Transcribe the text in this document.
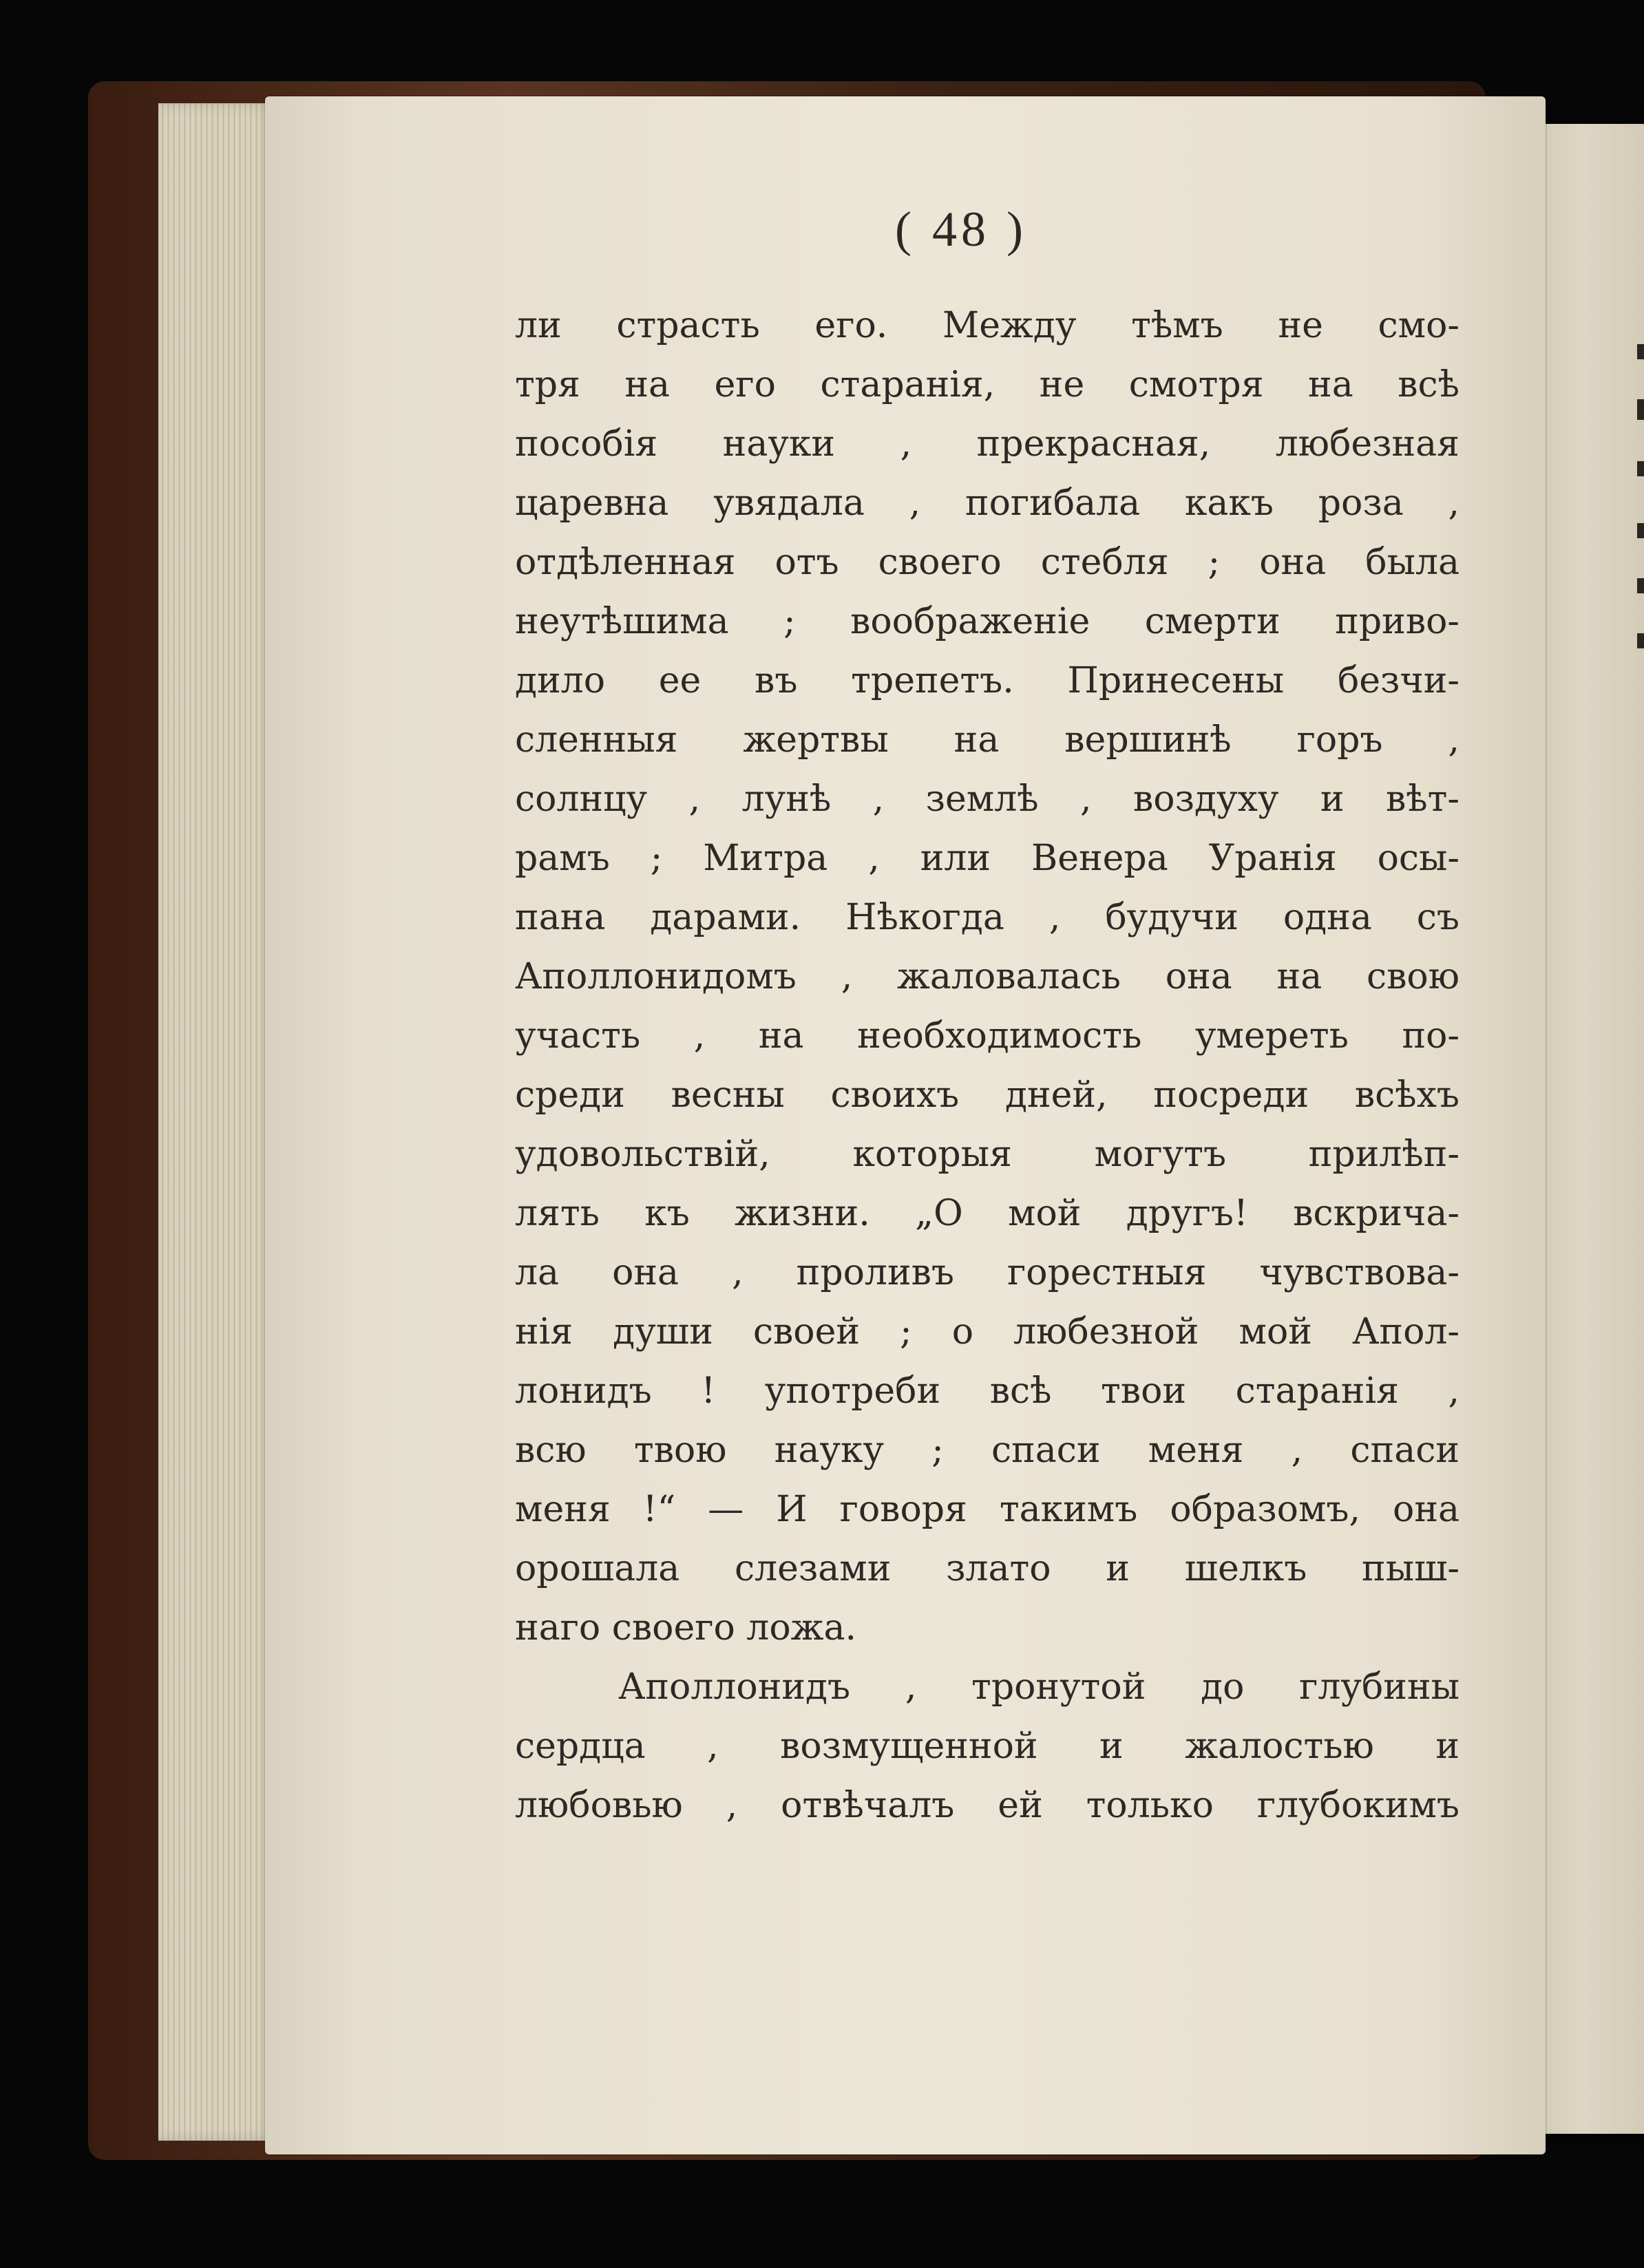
( 48 )
ли страсть его. Между тѣмъ не смо-
тря на его старанія, не смотря на всѣ
пособія науки , прекрасная, любезная
царевна увядала , погибала какъ роза ,
отдѣленная отъ своего стебля ; она была
неутѣшима ; воображеніе смерти приво-
дило ее въ трепетъ. Принесены безчи-
сленныя жертвы на вершинѣ горъ ,
солнцу , лунѣ , землѣ , воздуху и вѣт-
рамъ ; Митра , или Венера Уранія осы-
пана дарами. Нѣкогда , будучи одна съ
Аполлонидомъ , жаловалась она на свою
участь , на необходимость умереть по-
среди весны своихъ дней, посреди всѣхъ
удовольствій, которыя могутъ прилѣп-
лять къ жизни. „О мой другъ! вскрича-
ла она , проливъ горестныя чувствова-
нія души своей ; о любезной мой Апол-
лонидъ ! употреби всѣ твои старанія ,
всю твою науку ; спаси меня , спаси
меня !“ — И говоря такимъ образомъ, она
орошала слезами злато и шелкъ пыш-
наго своего ложа.
Аполлонидъ , тронутой до глубины
сердца , возмущенной и жалостью и
любовью , отвѣчалъ ей только глубокимъ
